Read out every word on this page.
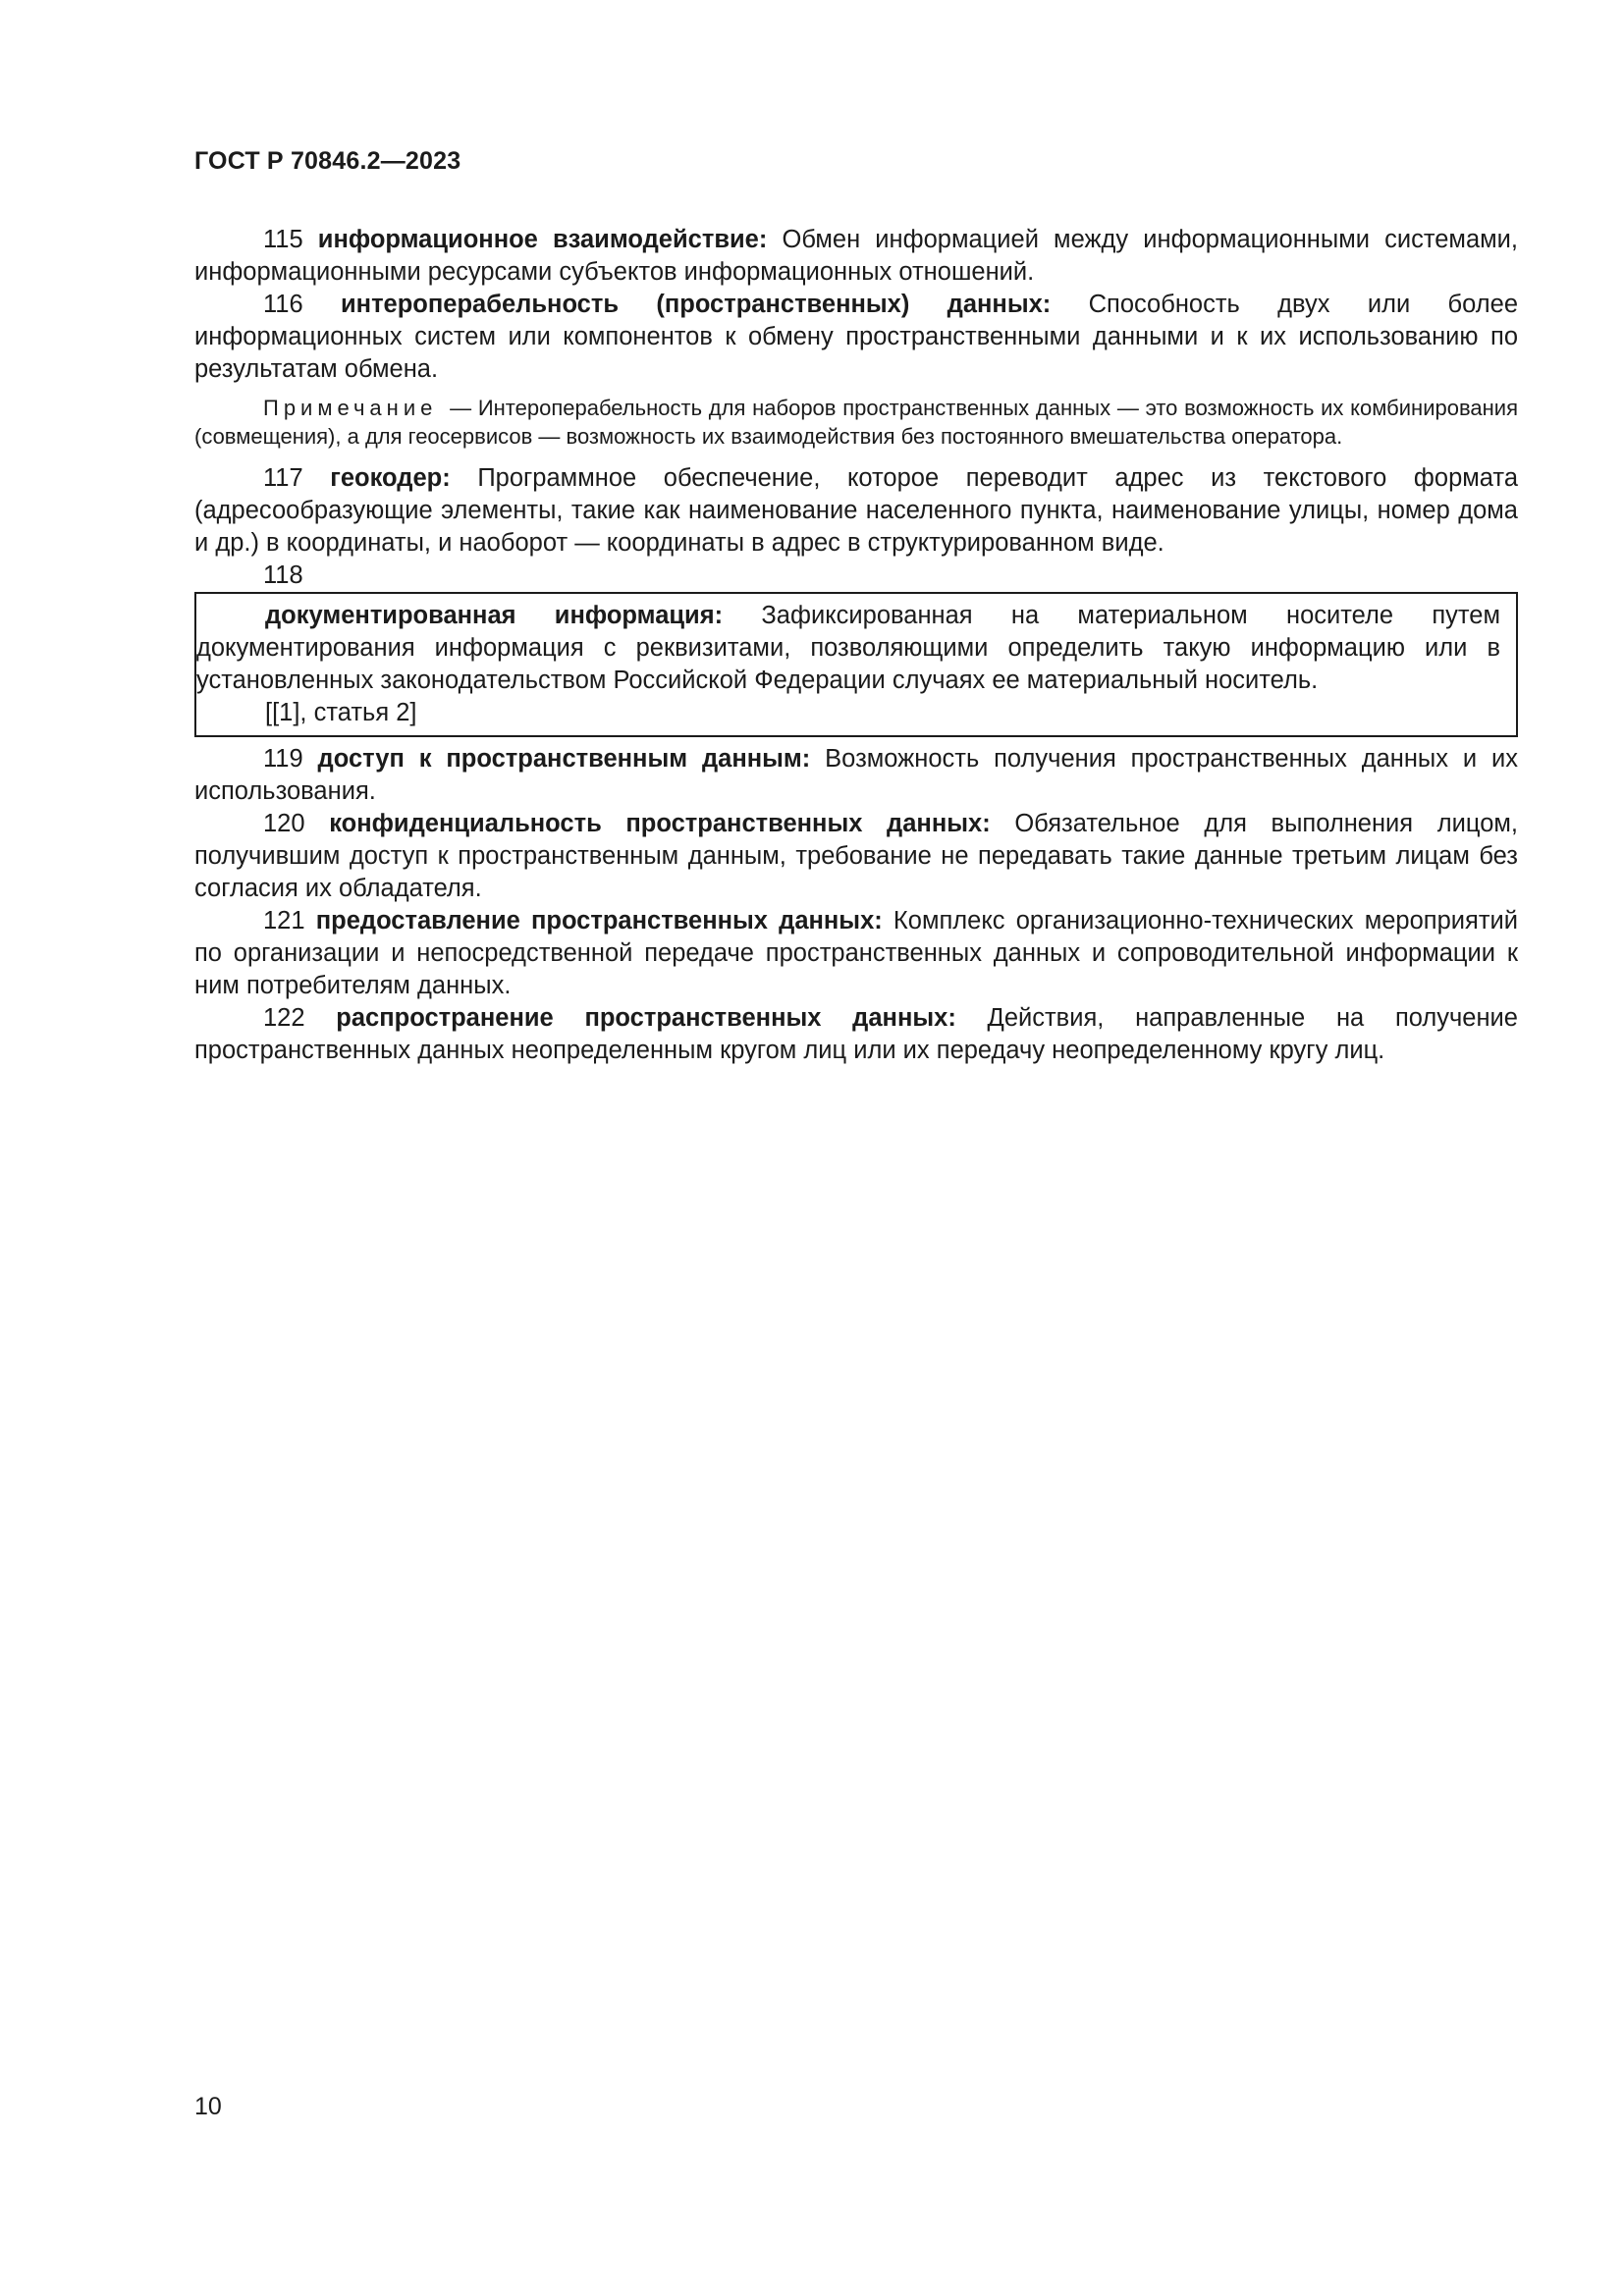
ГОСТ Р 70846.2—2023

115 информационное взаимодействие: Обмен информацией между информационными системами, информационными ресурсами субъектов информационных отношений.

116 интероперабельность (пространственных) данных: Способность двух или более информационных систем или компонентов к обмену пространственными данными и к их использованию по результатам обмена.

Примечание — Интероперабельность для наборов пространственных данных — это возможность их комбинирования (совмещения), а для геосервисов — возможность их взаимодействия без постоянного вмешательства оператора.

117 геокодер: Программное обеспечение, которое переводит адрес из текстового формата (адресообразующие элементы, такие как наименование населенного пункта, наименование улицы, номер дома и др.) в координаты, и наоборот — координаты в адрес в структурированном виде.

118

документированная информация: Зафиксированная на материальном носителе путем документирования информация с реквизитами, позволяющими определить такую информацию или в установленных законодательством Российской Федерации случаях ее материальный носитель.

[[1], статья 2]

119 доступ к пространственным данным: Возможность получения пространственных данных и их использования.

120 конфиденциальность пространственных данных: Обязательное для выполнения лицом, получившим доступ к пространственным данным, требование не передавать такие данные третьим лицам без согласия их обладателя.

121 предоставление пространственных данных: Комплекс организационно-технических мероприятий по организации и непосредственной передаче пространственных данных и сопроводительной информации к ним потребителям данных.

122 распространение пространственных данных: Действия, направленные на получение пространственных данных неопределенным кругом лиц или их передачу неопределенному кругу лиц.

10
